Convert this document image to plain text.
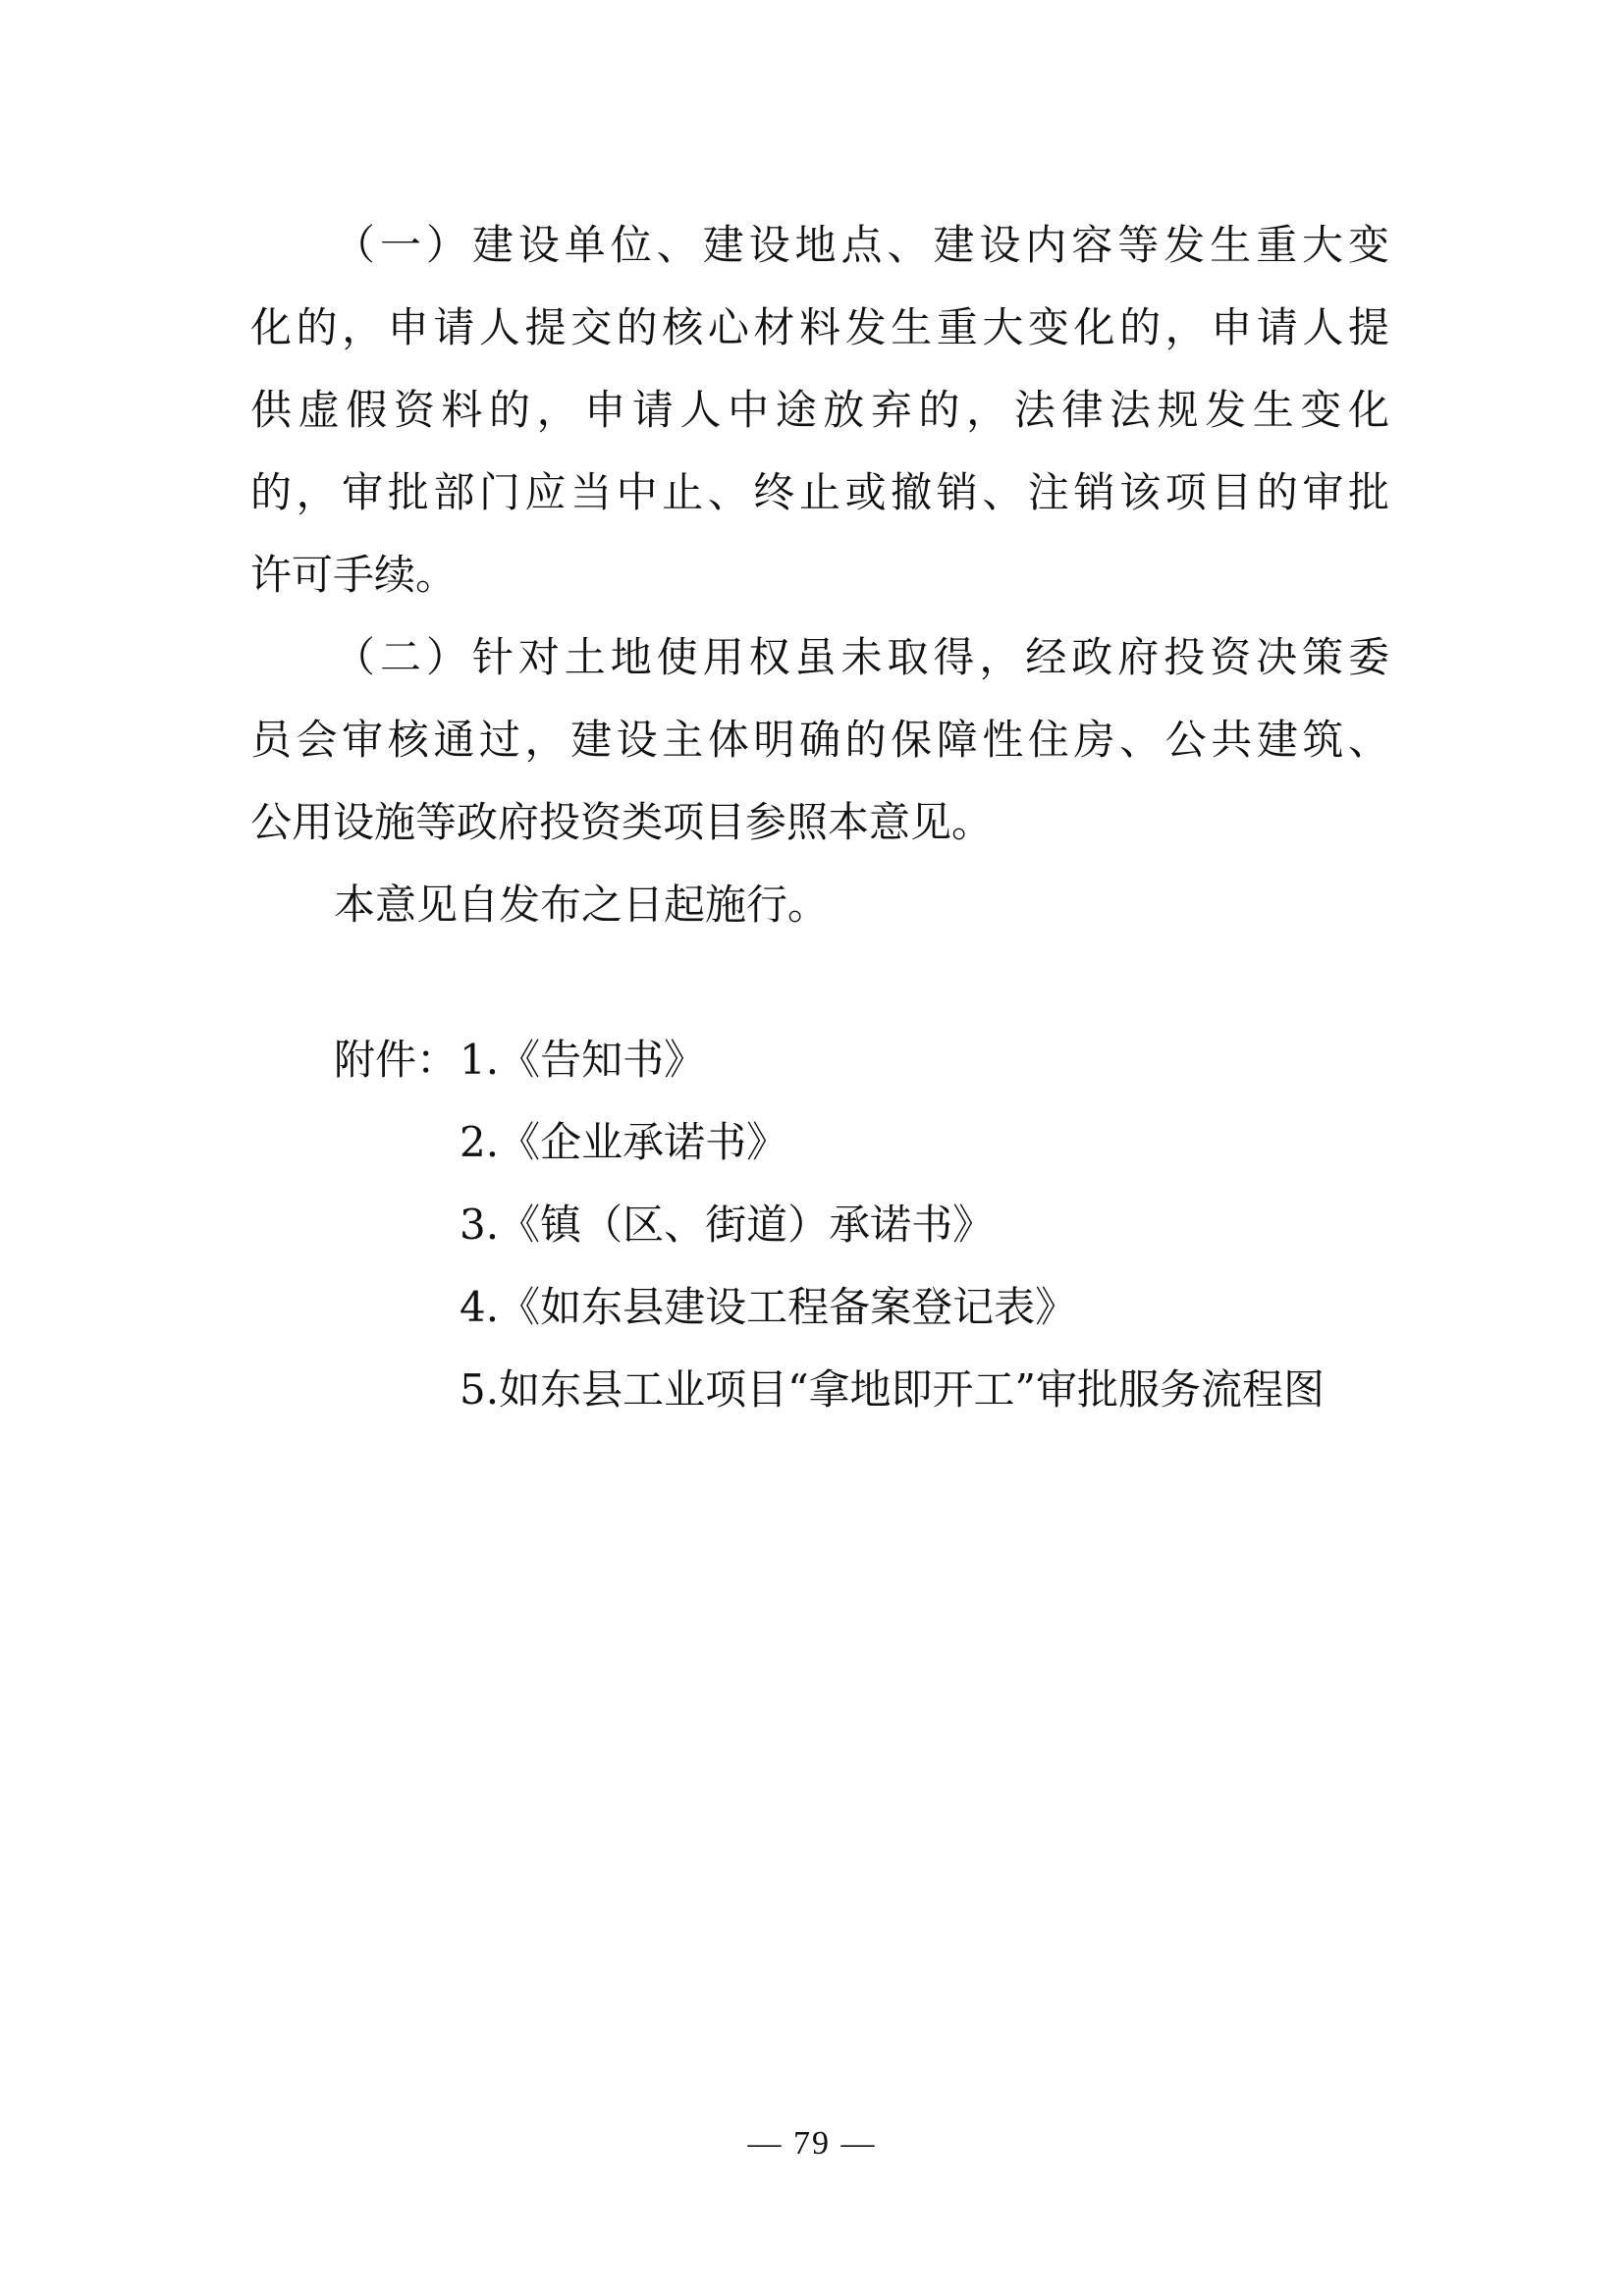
（一）建设单位、建设地点、建设内容等发生重大变

化的，申请人提交的核心材料发生重大变化的，申请人提

供虚假资料的，申请人中途放弃的，法律法规发生变化

的，审批部门应当中止、终止或撤销、注销该项目的审批

许可手续。

（二）针对土地使用权虽未取得，经政府投资决策委

员会审核通过，建设主体明确的保障性住房、公共建筑、

公用设施等政府投资类项目参照本意见。

本意见自发布之日起施行。

附件： 1.《告知书》

2.《企业承诺书》

3.《镇（区、街道）承诺书》

4.《如东县建设工程备案登记表》

5.如东县工业项目“拿地即开工”审批服务流程图

— 79 —
